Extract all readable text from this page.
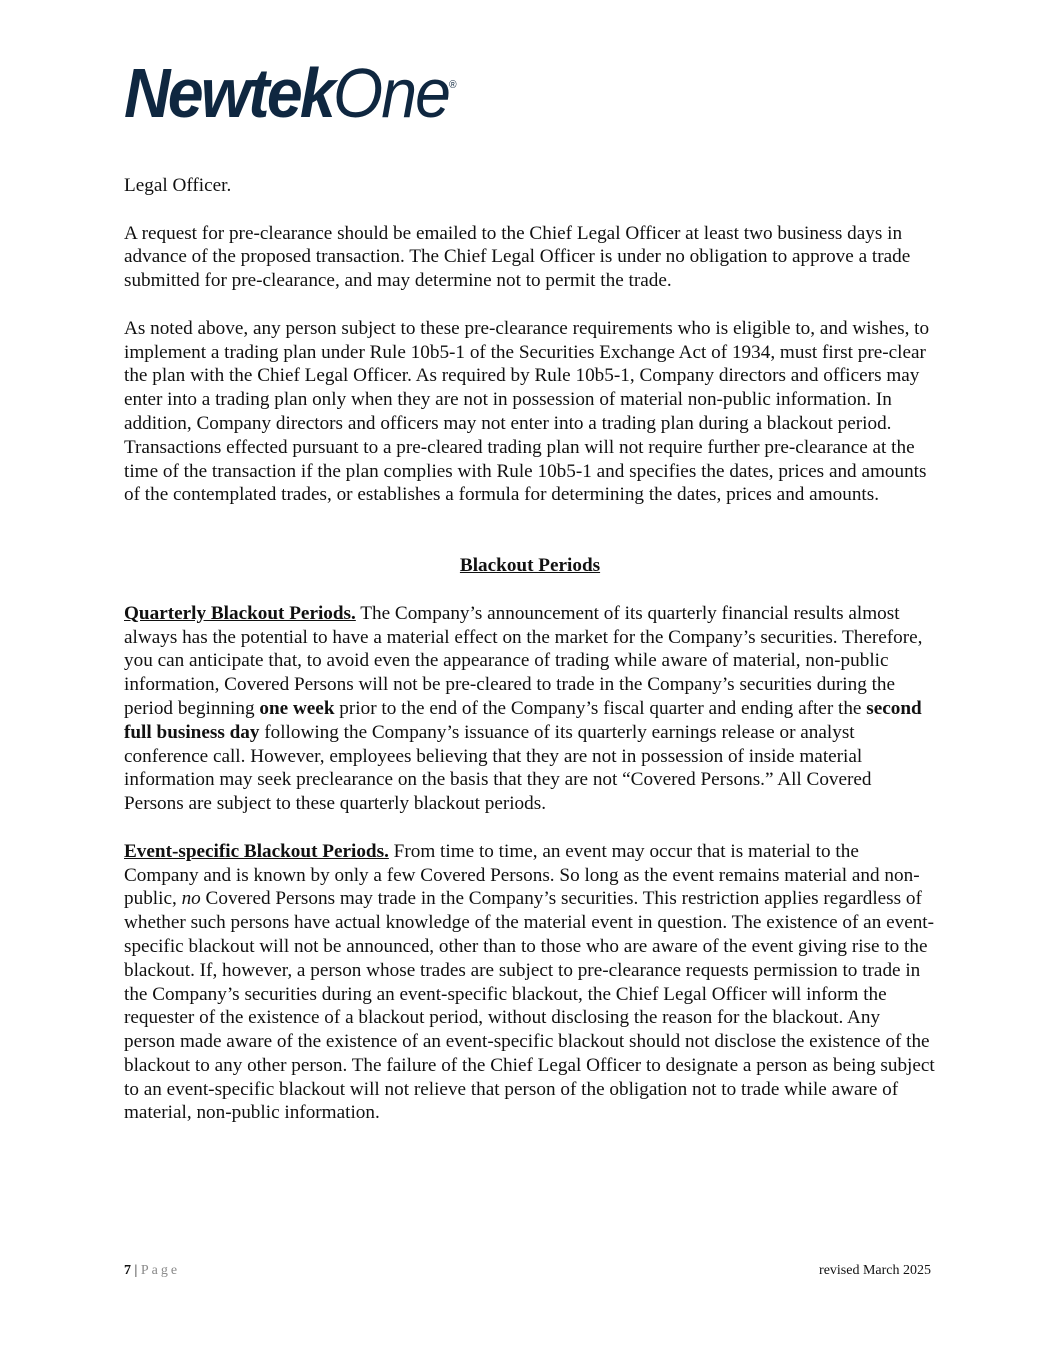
NewtekOne®

Legal Officer.

A request for pre-clearance should be emailed to the Chief Legal Officer at least two business days in advance of the proposed transaction. The Chief Legal Officer is under no obligation to approve a trade submitted for pre-clearance, and may determine not to permit the trade.

As noted above, any person subject to these pre-clearance requirements who is eligible to, and wishes, to implement a trading plan under Rule 10b5-1 of the Securities Exchange Act of 1934, must first pre-clear the plan with the Chief Legal Officer. As required by Rule 10b5-1, Company directors and officers may enter into a trading plan only when they are not in possession of material non-public information. In addition, Company directors and officers may not enter into a trading plan during a blackout period. Transactions effected pursuant to a pre-cleared trading plan will not require further pre-clearance at the time of the transaction if the plan complies with Rule 10b5-1 and specifies the dates, prices and amounts of the contemplated trades, or establishes a formula for determining the dates, prices and amounts.

Blackout Periods

Quarterly Blackout Periods. The Company’s announcement of its quarterly financial results almost always has the potential to have a material effect on the market for the Company’s securities. Therefore, you can anticipate that, to avoid even the appearance of trading while aware of material, non-public information, Covered Persons will not be pre-cleared to trade in the Company’s securities during the period beginning one week prior to the end of the Company’s fiscal quarter and ending after the second full business day following the Company’s issuance of its quarterly earnings release or analyst conference call. However, employees believing that they are not in possession of inside material information may seek preclearance on the basis that they are not “Covered Persons.” All Covered Persons are subject to these quarterly blackout periods.

Event-specific Blackout Periods. From time to time, an event may occur that is material to the Company and is known by only a few Covered Persons. So long as the event remains material and non-public, no Covered Persons may trade in the Company’s securities. This restriction applies regardless of whether such persons have actual knowledge of the material event in question. The existence of an event-specific blackout will not be announced, other than to those who are aware of the event giving rise to the blackout. If, however, a person whose trades are subject to pre-clearance requests permission to trade in the Company’s securities during an event-specific blackout, the Chief Legal Officer will inform the requester of the existence of a blackout period, without disclosing the reason for the blackout. Any person made aware of the existence of an event-specific blackout should not disclose the existence of the blackout to any other person. The failure of the Chief Legal Officer to designate a person as being subject to an event-specific blackout will not relieve that person of the obligation not to trade while aware of material, non-public information.

7 | Page	revised March 2025
